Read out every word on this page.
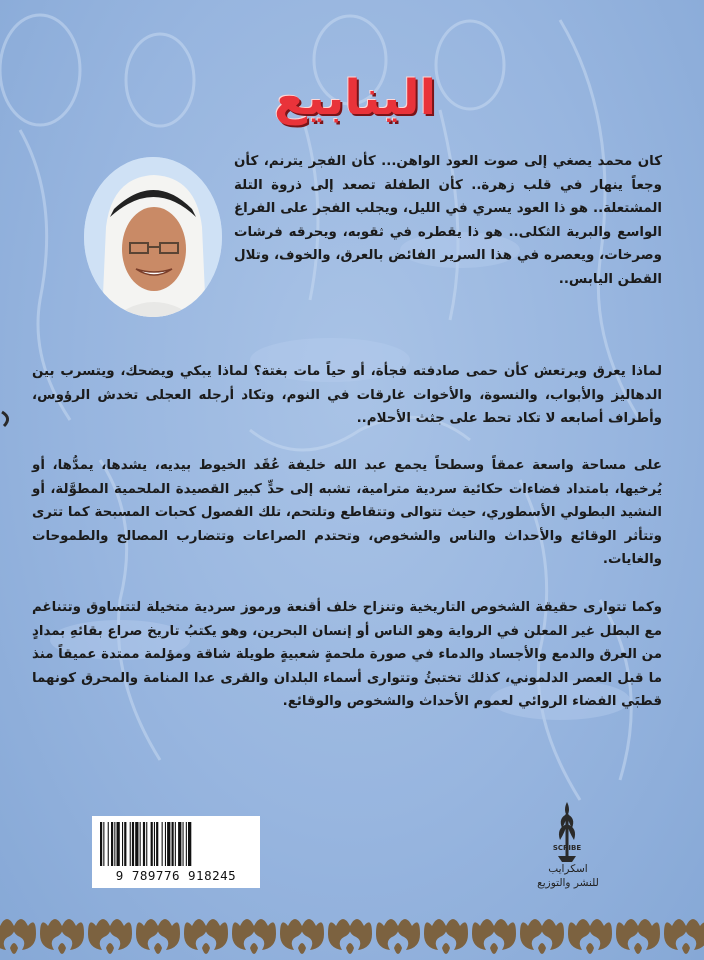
الينابيع

كان محمد يصغي إلى صوت العود الواهن... كأن الفجر يترنم، كأن وجعاً ينهار في قلب زهرة.. كأن الطفلة تصعد إلى ذروة التلة المشتعلة.. هو ذا العود يسري في الليل، ويجلب الفجر على الفراغ الواسع والبرية الثكلى.. هو ذا يقطره في ثقوبه، ويحرقه فرشات وصرخات، ويعصره في هذا السرير الفائض بالعرق، والخوف، وتلال القطن اليابس..

لماذا يعرق ويرتعش كأن حمى صادفته فجأة، أو حياً مات بغتة؟ لماذا يبكي ويضحك، ويتسرب بين الدهاليز والأبواب، والنسوة، والأخوات غارقات في النوم، وتكاد أرجله العجلى تخدش الرؤوس، وأطراف أصابعه لا تكاد تحط على جثث الأحلام..

على مساحة واسعة عمقاً وسطحاً يجمع عبد الله خليفة عُقَد الخيوط بيديه، يشدها، يمدُّها، أو يُرخيها، بامتداد فضاءات حكائية سردية مترامية، تشبه إلى حدٍّ كبير القصيدة الملحمية المطوَّلة، أو النشيد البطولي الأسطوري، حيث تتوالى وتتقاطع وتلتحم، تلك الفصول كحبات المسبحة كما تترى وتتأثر الوقائع والأحداث والناس والشخوص، وتحتدم الصراعات وتتضارب المصالح والطموحات والغايات.

وكما تتوارى حقيقة الشخوص التاريخية وتنزاح خلف أقنعة ورموز سردية متخيلة لتتساوق وتتناغم مع البطل غير المعلن في الرواية وهو الناس أو إنسان البحرين، وهو يكتبُ تاريخ صراع بقائهِ بمدادٍ من العرق والدمع والأجساد والدماء في صورة ملحمةٍ شعبيةٍ طويلة شاقة ومؤلمة ممتدة عميقاً منذ ما قبل العصر الدلموني، كذلك تختبئُ وتتوارى أسماء البلدان والقرى عدا المنامة والمحرق كونهما قطبَي الفضاء الروائي لعموم الأحداث والشخوص والوقائع.

9 789776 918245

SCRIBE
اسكرايب
للنشر والتوزيع
